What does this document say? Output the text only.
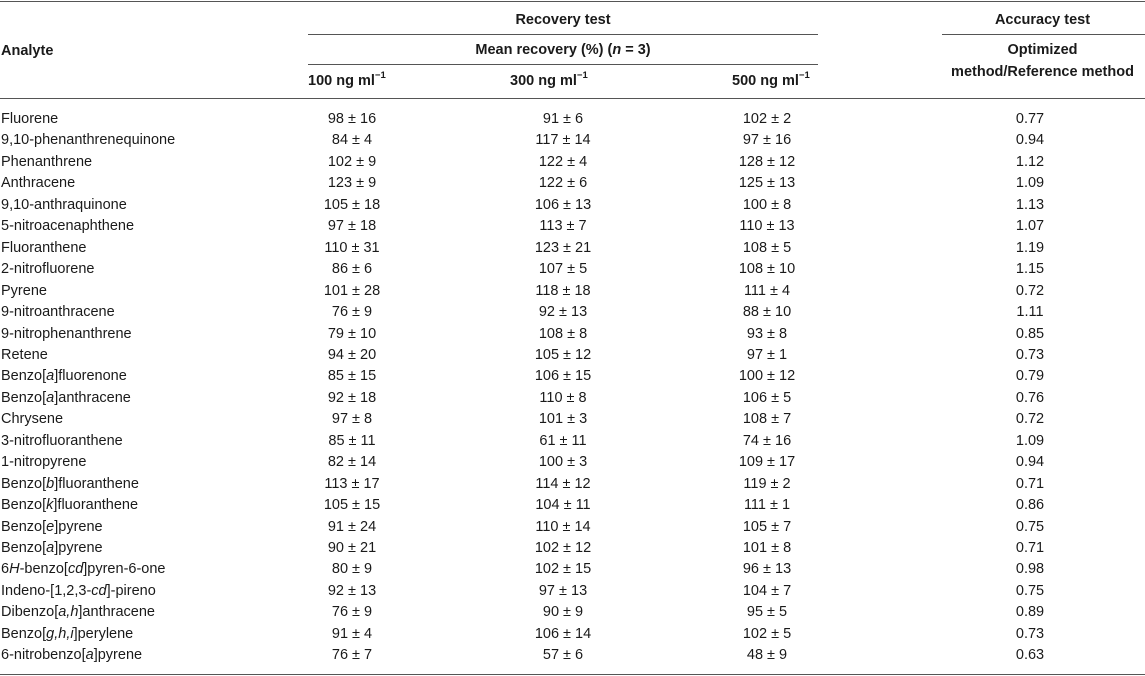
Analyte
Recovery test
Mean recovery (%) (n = 3)
100 ng $ml^{-1}$	300 ng $ml^{-1}$	500 ng $ml^{-1}$
Accuracy test
Optimized
method/Reference method
Fluorene	98 ± 16	91 ± 6	102 ± 2	0.77
9,10-phenanthrenequinone	84 ± 4	117 ± 14	97 ± 16	0.94
Phenanthrene	102 ± 9	122 ± 4	128 ± 12	1.12
Anthracene	123 ± 9	122 ± 6	125 ± 13	1.09
9,10-anthraquinone	105 ± 18	106 ± 13	100 ± 8	1.13
5-nitroacenaphthene	97 ± 18	113 ± 7	110 ± 13	1.07
Fluoranthene	110 ± 31	123 ± 21	108 ± 5	1.19
2-nitrofluorene	86 ± 6	107 ± 5	108 ± 10	1.15
Pyrene	101 ± 28	118 ± 18	111 ± 4	0.72
9-nitroanthracene	76 ± 9	92 ± 13	88 ± 10	1.11
9-nitrophenanthrene	79 ± 10	108 ± 8	93 ± 8	0.85
Retene	94 ± 20	105 ± 12	97 ± 1	0.73
Benzo[a]fluorenone	85 ± 15	106 ± 15	100 ± 12	0.79
Benzo[a]anthracene	92 ± 18	110 ± 8	106 ± 5	0.76
Chrysene	97 ± 8	101 ± 3	108 ± 7	0.72
3-nitrofluoranthene	85 ± 11	61 ± 11	74 ± 16	1.09
1-nitropyrene	82 ± 14	100 ± 3	109 ± 17	0.94
Benzo[b]fluoranthene	113 ± 17	114 ± 12	119 ± 2	0.71
Benzo[k]fluoranthene	105 ± 15	104 ± 11	111 ± 1	0.86
Benzo[e]pyrene	91 ± 24	110 ± 14	105 ± 7	0.75
Benzo[a]pyrene	90 ± 21	102 ± 12	101 ± 8	0.71
6H-benzo[cd]pyren-6-one	80 ± 9	102 ± 15	96 ± 13	0.98
Indeno-[1,2,3-cd]-pireno	92 ± 13	97 ± 13	104 ± 7	0.75
Dibenzo[a,h]anthracene	76 ± 9	90 ± 9	95 ± 5	0.89
Benzo[g,h,i]perylene	91 ± 4	106 ± 14	102 ± 5	0.73
6-nitrobenzo[a]pyrene	76 ± 7	57 ± 6	48 ± 9	0.63
